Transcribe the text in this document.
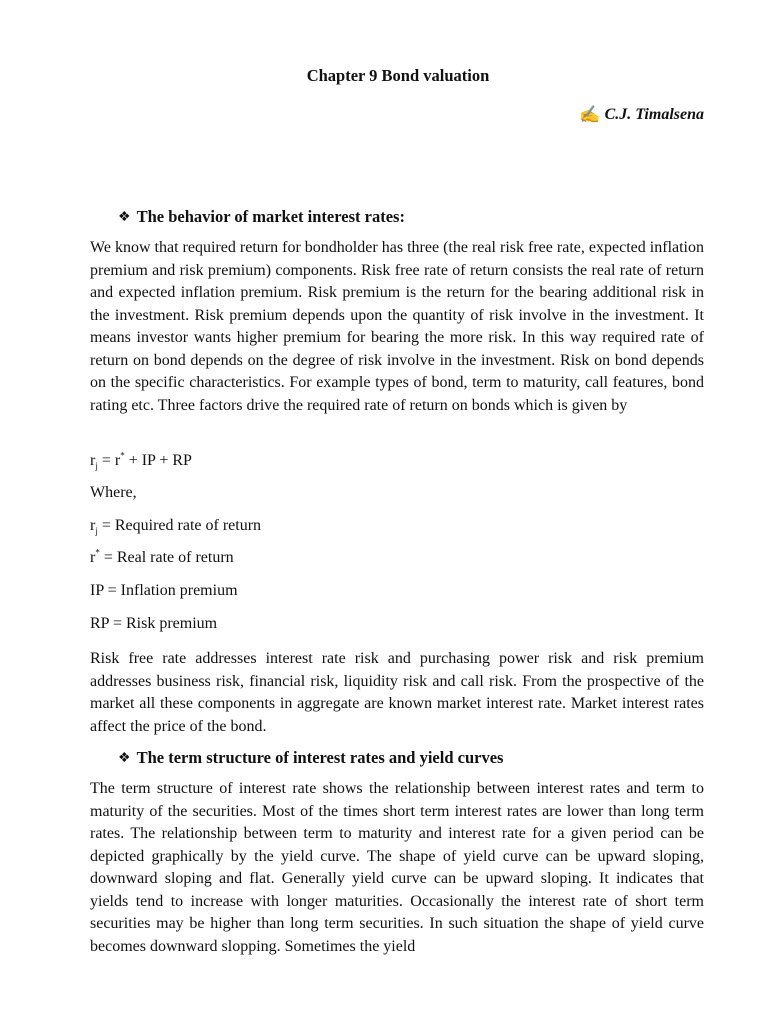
Chapter 9 Bond valuation
✍ C.J. Timalsena
❖ The behavior of market interest rates:

We know that required return for bondholder has three (the real risk free rate, expected inflation premium and risk premium) components. Risk free rate of return consists the real rate of return and expected inflation premium. Risk premium is the return for the bearing additional risk in the investment. Risk premium depends upon the quantity of risk involve in the investment. It means investor wants higher premium for bearing the more risk. In this way required rate of return on bond depends on the degree of risk involve in the investment. Risk on bond depends on the specific characteristics. For example types of bond, term to maturity, call features, bond rating etc. Three factors drive the required rate of return on bonds which is given by

$r_j = r^*$ + IP + RP

Where,

$r_j$ = Required rate of return

r* = Real rate of return

IP = Inflation premium

RP = Risk premium

Risk free rate addresses interest rate risk and purchasing power risk and risk premium addresses business risk, financial risk, liquidity risk and call risk. From the prospective of the market all these components in aggregate are known market interest rate. Market interest rates affect the price of the bond.

❖ The term structure of interest rates and yield curves

The term structure of interest rate shows the relationship between interest rates and term to maturity of the securities. Most of the times short term interest rates are lower than long term rates. The relationship between term to maturity and interest rate for a given period can be depicted graphically by the yield curve. The shape of yield curve can be upward sloping, downward sloping and flat. Generally yield curve can be upward sloping. It indicates that yields tend to increase with longer maturities. Occasionally the interest rate of short term securities may be higher than long term securities. In such situation the shape of yield curve becomes downward slopping. Sometimes the yield
